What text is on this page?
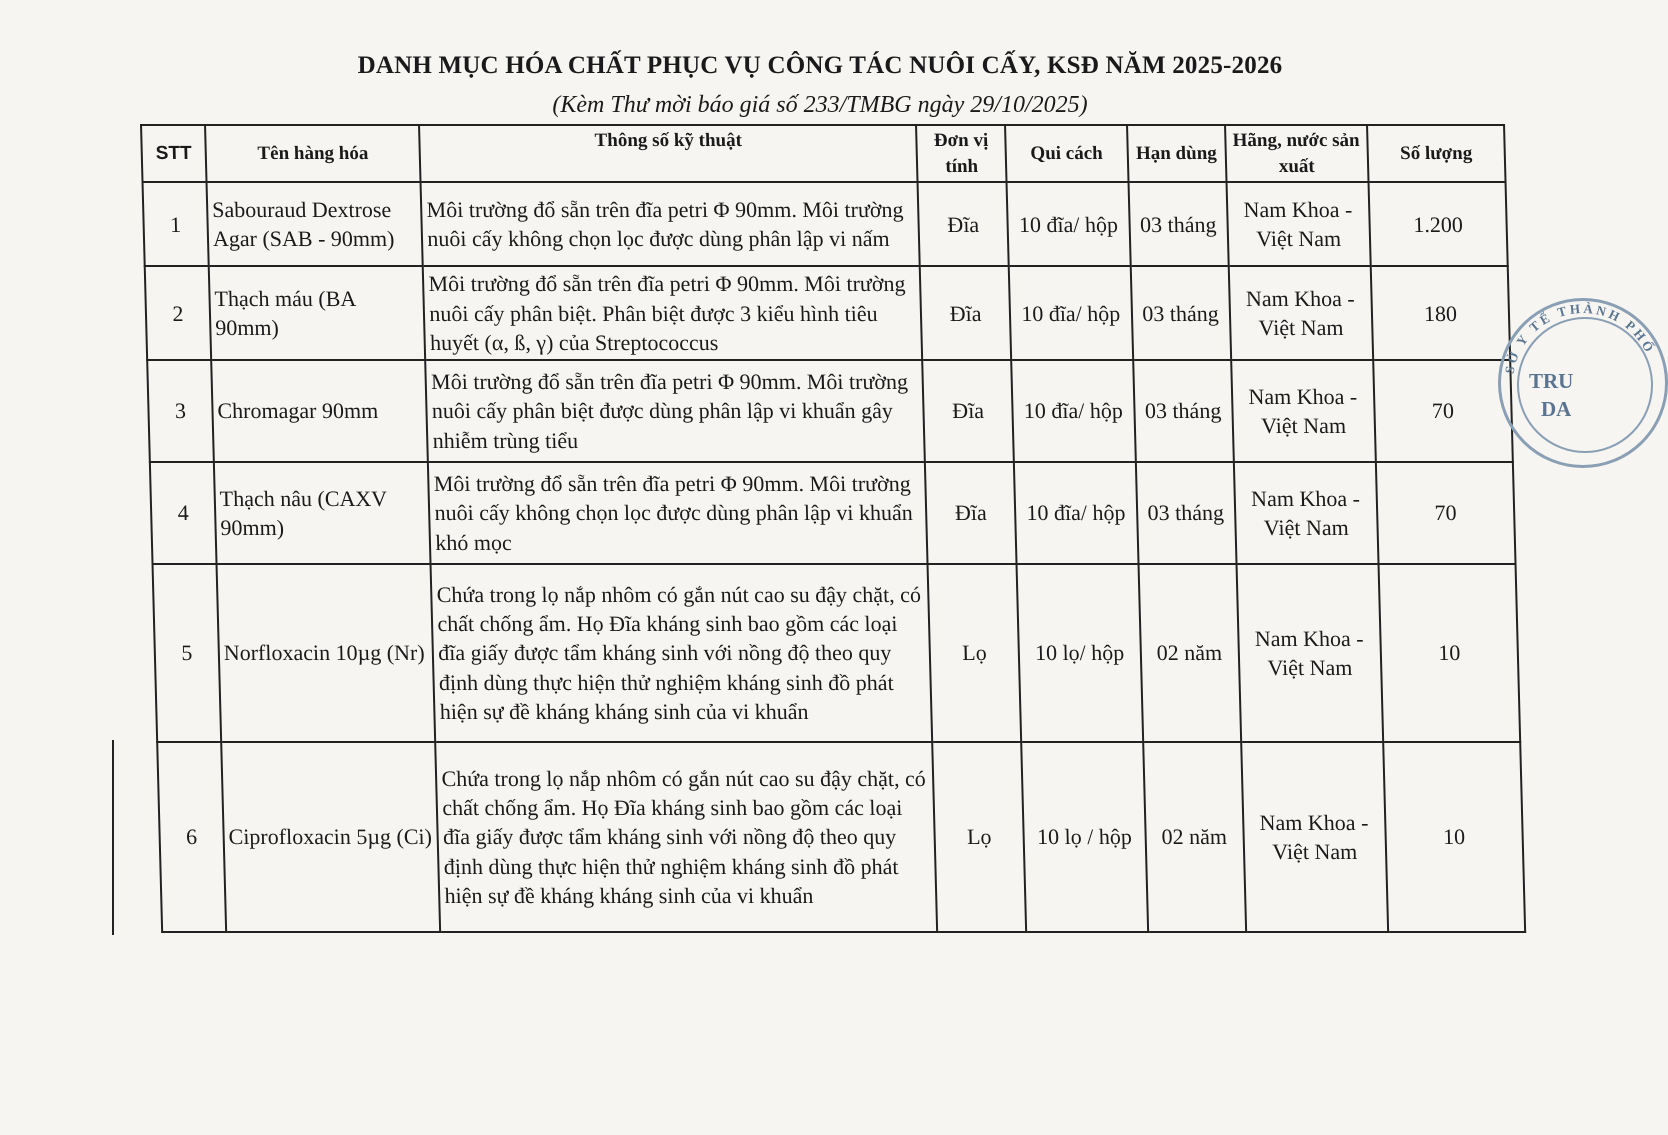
DANH MỤC HÓA CHẤT PHỤC VỤ CÔNG TÁC NUÔI CẤY, KSĐ NĂM 2025-2026
(Kèm Thư mời báo giá số 233/TMBG ngày 29/10/2025)
STT	Tên hàng hóa	Thông số kỹ thuật	Đơn vị tính	Qui cách	Hạn dùng	Hãng, nước sản xuất	Số lượng
1	Sabouraud Dextrose Agar (SAB - 90mm)	Môi trường đổ sẵn trên đĩa petri Φ 90mm. Môi trường nuôi cấy không chọn lọc được dùng phân lập vi nấm	Đĩa	10 đĩa/ hộp	03 tháng	Nam Khoa - Việt Nam	1.200
2	Thạch máu (BA 90mm)	Môi trường đổ sẵn trên đĩa petri Φ 90mm. Môi trường nuôi cấy phân biệt. Phân biệt được 3 kiểu hình tiêu huyết (α, ß, γ) của Streptococcus	Đĩa	10 đĩa/ hộp	03 tháng	Nam Khoa - Việt Nam	180
3	Chromagar 90mm	Môi trường đổ sẵn trên đĩa petri Φ 90mm. Môi trường nuôi cấy phân biệt được dùng phân lập vi khuẩn gây nhiễm trùng tiểu	Đĩa	10 đĩa/ hộp	03 tháng	Nam Khoa - Việt Nam	70
4	Thạch nâu (CAXV 90mm)	Môi trường đổ sẵn trên đĩa petri Φ 90mm. Môi trường nuôi cấy không chọn lọc được dùng phân lập vi khuẩn khó mọc	Đĩa	10 đĩa/ hộp	03 tháng	Nam Khoa - Việt Nam	70
5	Norfloxacin 10µg (Nr)	Chứa trong lọ nắp nhôm có gắn nút cao su đậy chặt, có chất chống ẩm. Họ Đĩa kháng sinh bao gồm các loại đĩa giấy được tẩm kháng sinh với nồng độ theo quy định dùng thực hiện thử nghiệm kháng sinh đồ phát hiện sự đề kháng kháng sinh của vi khuẩn	Lọ	10 lọ/ hộp	02 năm	Nam Khoa - Việt Nam	10
6	Ciprofloxacin 5µg (Ci)	Chứa trong lọ nắp nhôm có gắn nút cao su đậy chặt, có chất chống ẩm. Họ Đĩa kháng sinh bao gồm các loại đĩa giấy được tẩm kháng sinh với nồng độ theo quy định dùng thực hiện thử nghiệm kháng sinh đồ phát hiện sự đề kháng kháng sinh của vi khuẩn	Lọ	10 lọ / hộp	02 năm	Nam Khoa - Việt Nam	10
SỞ Y TẾ THÀNH PHỐ
TRU
DA
